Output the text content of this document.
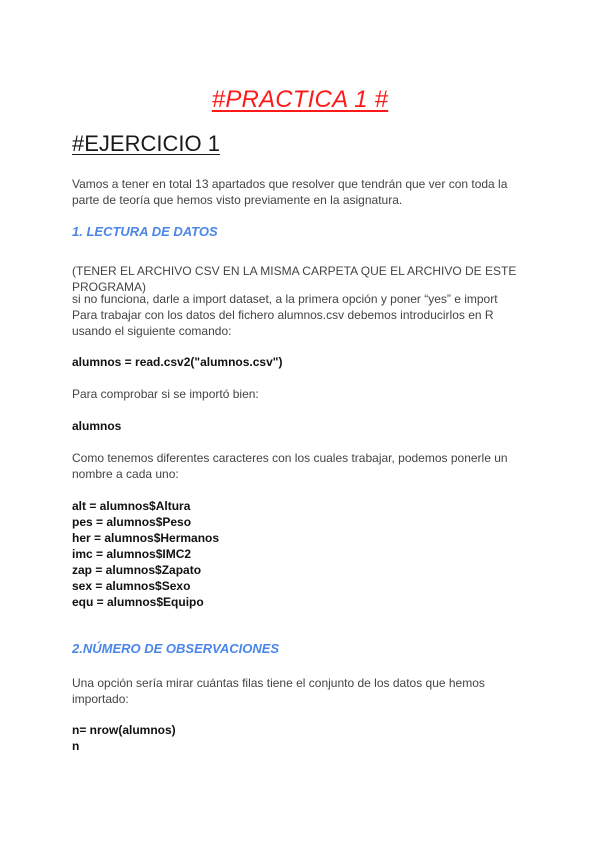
#PRACTICA 1 #
#EJERCICIO 1
Vamos a tener en total 13 apartados que resolver que tendrán que ver con toda la parte de teoría que hemos visto previamente en la asignatura.
1. LECTURA DE DATOS
(TENER EL ARCHIVO CSV EN LA MISMA CARPETA QUE EL ARCHIVO DE ESTE PROGRAMA)
si no funciona, darle a import dataset, a la primera opción y poner “yes” e import
Para trabajar con los datos del fichero alumnos.csv debemos introducirlos en R usando el siguiente comando:
alumnos = read.csv2("alumnos.csv")
Para comprobar si se importó bien:
alumnos
Como tenemos diferentes caracteres con los cuales trabajar, podemos ponerle un nombre a cada uno:
alt = alumnos$Altura
pes = alumnos$Peso
her = alumnos$Hermanos
imc = alumnos$IMC2
zap = alumnos$Zapato
sex = alumnos$Sexo
equ = alumnos$Equipo
2.NÚMERO DE OBSERVACIONES
Una opción sería mirar cuántas filas tiene el conjunto de los datos que hemos importado:
n= nrow(alumnos)
n
